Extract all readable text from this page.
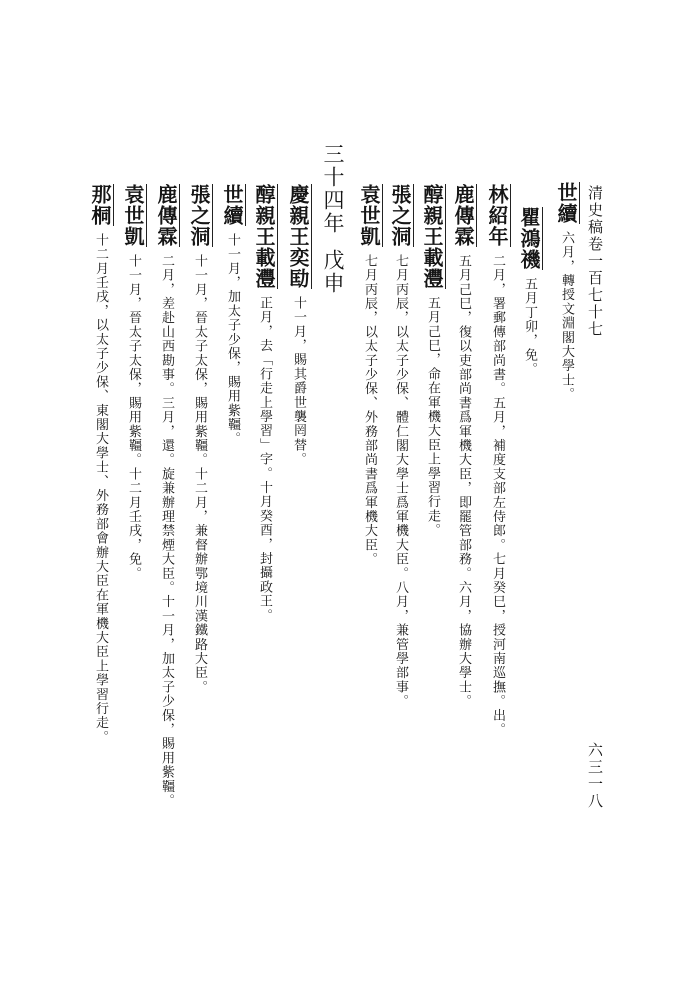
清史稿卷一百七十七
六三一八
世續六月，轉授文淵閣大學士。
瞿鴻禨五月丁卯，免。
林紹年二月，署郵傳部尚書。五月，補度支部左侍郎。七月癸巳，授河南巡撫。出。
鹿傳霖五月己巳，復以吏部尚書爲軍機大臣，即罷管部務。六月，協辦大學士。
醇親王載灃五月己巳，命在軍機大臣上學習行走。
張之洞七月丙辰，以太子少保、體仁閣大學士爲軍機大臣。八月，兼管學部事。
袁世凱七月丙辰，以太子少保、外務部尚書爲軍機大臣。
三十四年戊申
慶親王奕劻十一月，賜其爵世襲罔替。
醇親王載灃正月，去「行走上學習」字。十月癸酉，封攝政王。
世續十一月，加太子少保，賜用紫韁。
張之洞十一月，晉太子太保，賜用紫韁。十二月，兼督辦鄂境川漢鐵路大臣。
鹿傳霖二月，差赴山西勘事。三月，還。旋兼辦理禁煙大臣。十一月，加太子少保，賜用紫韁。
袁世凱十一月，晉太子太保，賜用紫韁。十二月壬戌，免。
那桐十二月壬戌，以太子少保、東閣大學士、外務部會辦大臣在軍機大臣上學習行走。
